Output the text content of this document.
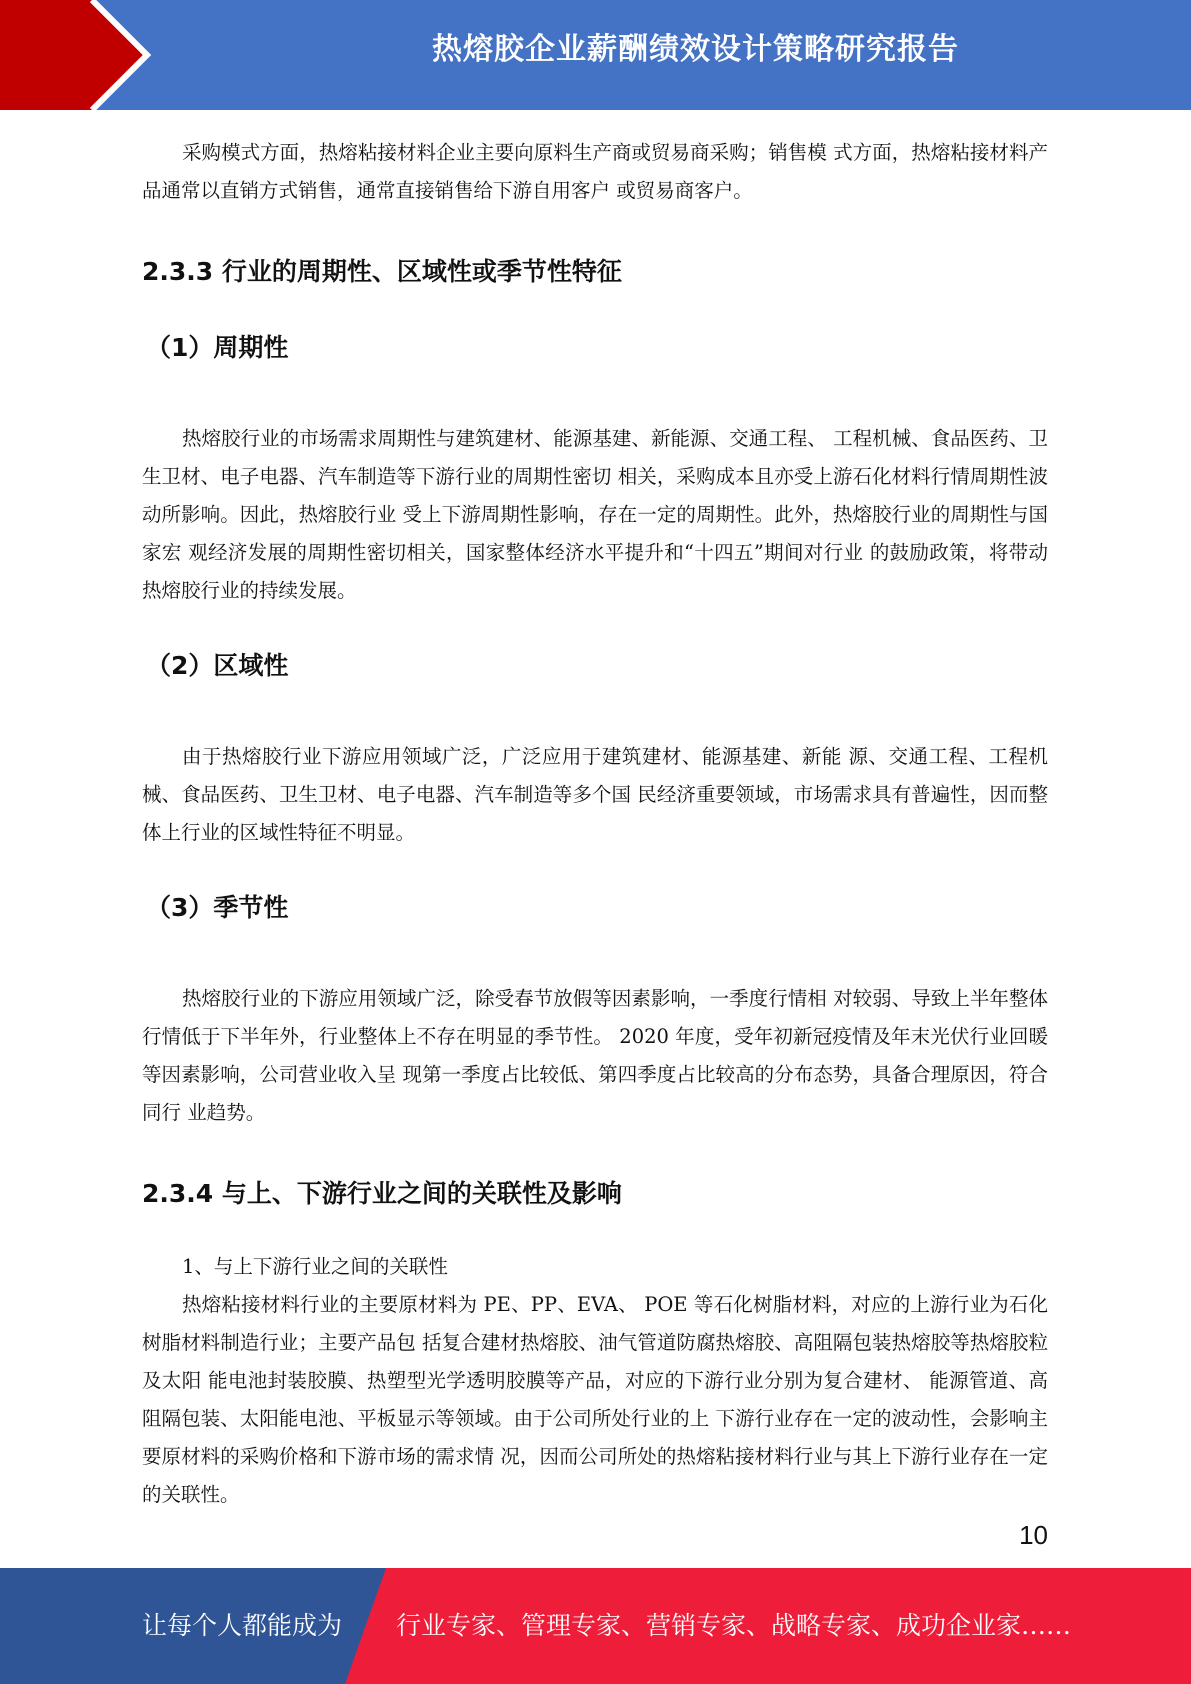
热熔胶企业薪酬绩效设计策略研究报告

采购模式方面，热熔粘接材料企业主要向原料生产商或贸易商采购；销售模 式方面，热熔粘接材料产品通常以直销方式销售，通常直接销售给下游自用客户 或贸易商客户。

2.3.3 行业的周期性、区域性或季节性特征
（1）周期性

热熔胶行业的市场需求周期性与建筑建材、能源基建、新能源、交通工程、 工程机械、食品医药、卫生卫材、电子电器、汽车制造等下游行业的周期性密切 相关，采购成本且亦受上游石化材料行情周期性波动所影响。因此，热熔胶行业 受上下游周期性影响，存在一定的周期性。此外，热熔胶行业的周期性与国家宏 观经济发展的周期性密切相关，国家整体经济水平提升和“十四五”期间对行业 的鼓励政策，将带动热熔胶行业的持续发展。

（2）区域性

由于热熔胶行业下游应用领域广泛，广泛应用于建筑建材、能源基建、新能 源、交通工程、工程机械、食品医药、卫生卫材、电子电器、汽车制造等多个国 民经济重要领域，市场需求具有普遍性，因而整体上行业的区域性特征不明显。

（3）季节性

热熔胶行业的下游应用领域广泛，除受春节放假等因素影响，一季度行情相 对较弱、导致上半年整体行情低于下半年外，行业整体上不存在明显的季节性。 2020 年度，受年初新冠疫情及年末光伏行业回暖等因素影响，公司营业收入呈 现第一季度占比较低、第四季度占比较高的分布态势，具备合理原因，符合同行 业趋势。

2.3.4 与上、下游行业之间的关联性及影响

1、与上下游行业之间的关联性

热熔粘接材料行业的主要原材料为 PE、PP、EVA、 POE 等石化树脂材料，对应的上游行业为石化树脂材料制造行业；主要产品包 括复合建材热熔胶、油气管道防腐热熔胶、高阻隔包装热熔胶等热熔胶粒及太阳 能电池封装胶膜、热塑型光学透明胶膜等产品，对应的下游行业分别为复合建材、 能源管道、高阻隔包装、太阳能电池、平板显示等领域。由于公司所处行业的上 下游行业存在一定的波动性，会影响主要原材料的采购价格和下游市场的需求情 况，因而公司所处的热熔粘接材料行业与其上下游行业存在一定的关联性。

10
让每个人都能成为 行业专家、管理专家、营销专家、战略专家、成功企业家……
